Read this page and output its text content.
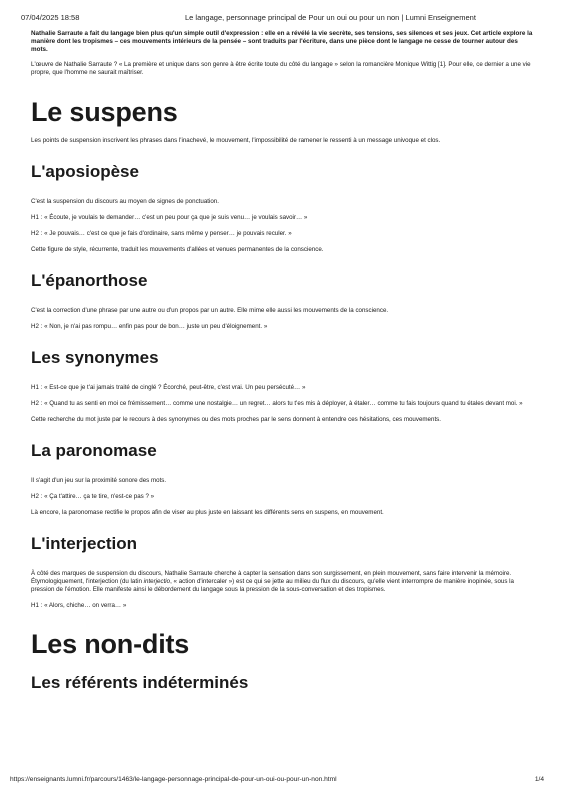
07/04/2025 18:58	Le langage, personnage principal de Pour un oui ou pour un non | Lumni Enseignement

Nathalie Sarraute a fait du langage bien plus qu'un simple outil d'expression : elle en a révélé la vie secrète, ses tensions, ses silences et ses jeux. Cet article explore la manière dont les tropismes – ces mouvements intérieurs de la pensée – sont traduits par l'écriture, dans une pièce dont le langage ne cesse de tourner autour des mots.

L'œuvre de Nathalie Sarraute ? « La première et unique dans son genre à être écrite toute du côté du langage » selon la romancière Monique Wittig [1]. Pour elle, ce dernier a une vie propre, que l'homme ne saurait maîtriser.

Le suspens

Les points de suspension inscrivent les phrases dans l'inachevé, le mouvement, l'impossibilité de ramener le ressenti à un message univoque et clos.

L'aposiopèse

C'est la suspension du discours au moyen de signes de ponctuation.

H1 : « Écoute, je voulais te demander… c'est un peu pour ça que je suis venu… je voulais savoir… »

H2 : « Je pouvais… c'est ce que je fais d'ordinaire, sans même y penser… je pouvais reculer. »

Cette figure de style, récurrente, traduit les mouvements d'allées et venues permanentes de la conscience.

L'épanorthose

C'est la correction d'une phrase par une autre ou d'un propos par un autre. Elle mime elle aussi les mouvements de la conscience.

H2 : « Non, je n'ai pas rompu… enfin pas pour de bon… juste un peu d'éloignement. »

Les synonymes

H1 : « Est-ce que je t'ai jamais traité de cinglé ? Écorché, peut-être, c'est vrai. Un peu persécuté… »

H2 : « Quand tu as senti en moi ce frémissement… comme une nostalgie… un regret… alors tu t'es mis à déployer, à étaler… comme tu fais toujours quand tu étales devant moi. »

Cette recherche du mot juste par le recours à des synonymes ou des mots proches par le sens donnent à entendre ces hésitations, ces mouvements.

La paronomase

Il s'agit d'un jeu sur la proximité sonore des mots.

H2 : « Ça t'attire… ça te tire, n'est-ce pas ? »

Là encore, la paronomase rectifie le propos afin de viser au plus juste en laissant les différents sens en suspens, en mouvement.

L'interjection

À côté des marques de suspension du discours, Nathalie Sarraute cherche à capter la sensation dans son surgissement, en plein mouvement, sans faire intervenir la mémoire. Étymologiquement, l'interjection (du latin interjectio, « action d'intercaler ») est ce qui se jette au milieu du flux du discours, qu'elle vient interrompre de manière inopinée, sous la pression de l'émotion. Elle manifeste ainsi le débordement du langage sous la pression de la sous-conversation et des tropismes.

H1 : « Alors, chiche… on verra… »

Les non-dits
Les référents indéterminés
https://enseignants.lumni.fr/parcours/1463/le-langage-personnage-principal-de-pour-un-oui-ou-pour-un-non.html	1/4
